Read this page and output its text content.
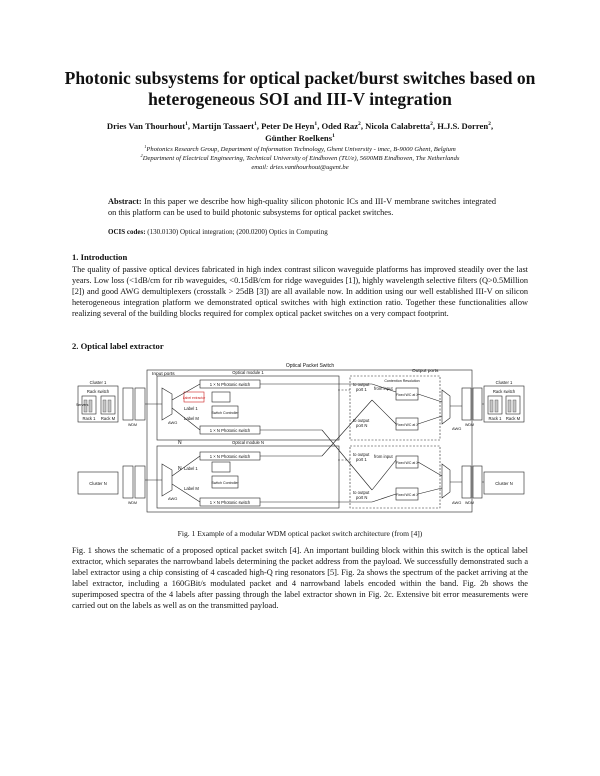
Photonic subsystems for optical packet/burst switches based on heterogeneous SOI and III-V integration
Dries Van Thourhout$^1$, Martijn Tassaert$^1$, Peter De Heyn$^1$, Oded Raz$^2$, Nicola Calabretta$^2$, H.J.S. Dorren$^2$,
Günther Roelkens$^1$
$^1$Photonics Research Group, Department of Information Technology, Ghent University - imec, B-9000 Ghent, Belgium
$^2$Department of Electrical Engineering, Technical University of Eindhoven (TU/e), 5600MB Eindhoven, The Netherlands
email: dries.vanthourhout@ugent.be
Abstract: In this paper we describe how high-quality silicon photonic ICs and III-V membrane switches integrated on this platform can be used to build photonic subsystems for optical packet switches.
OCIS codes: (130.0130) Optical integration; (200.0200) Optics in Computing
1. Introduction
The quality of passive optical devices fabricated in high index contrast silicon waveguide platforms has improved steadily over the last years. Low loss (<1dB/cm for rib waveguides, <0.15dB/cm for ridge waveguides [1]), highly wavelength selective filters (Q>0.5Million [2]) and good AWG demultiplexers (crosstalk > 25dB [3]) are all available now. In addition using our well established III-V on silicon heterogeneous integration platform we demonstrated optical switches with high extinction ratio. Together these functionalities allow realizing several of the building blocks required for complex optical packet switches on a very compact footprint.
2. Optical label extractor
Optical Packet Switch
Input ports
Output ports
Optical module 1
Optical module N
Cluster 1
Rack switch
Rack 1 Rack M
Cluster N
Cluster 1
Rack switch
Rack 1 Rack M
Cluster N
Servers
1 × N Photonic switch
1 × N Photonic switch
1 × N Photonic switch
1 × N Photonic switch
Label extractor
Switch Controller
Switch Controller
Label 1
Label M
Label 1
Label M
to output
port 1
to output
port N
to output
port 1
to output
port N
Contention Resolution
from input
from input
Fixed WC at λ
Fixed WC at λ
Fixed WC at λ
Fixed WC at λ
N
N
AWG
AWG
AWG
AWG
WDM
WDM
WDM
WDM
Fig. 1 Example of a modular WDM optical packet switch architecture (from [4])
Fig. 1 shows the schematic of a proposed optical packet switch [4]. An important building block within this switch is the optical label extractor, which separates the narrowband labels determining the packet address from the payload. We successfully demonstrated such a label extractor using a chip consisting of 4 cascaded high-Q ring resonators [5]. Fig. 2a shows the spectrum of the packet arriving at the label extractor, including a 160GBit/s modulated packet and 4 narrowband labels encoded within the band. Fig. 2b shows the superimposed spectra of the 4 labels after passing through the label extractor shown in Fig. 2c. Extensive bit error measurements were carried out on the labels as well as on the transmitted payload.
